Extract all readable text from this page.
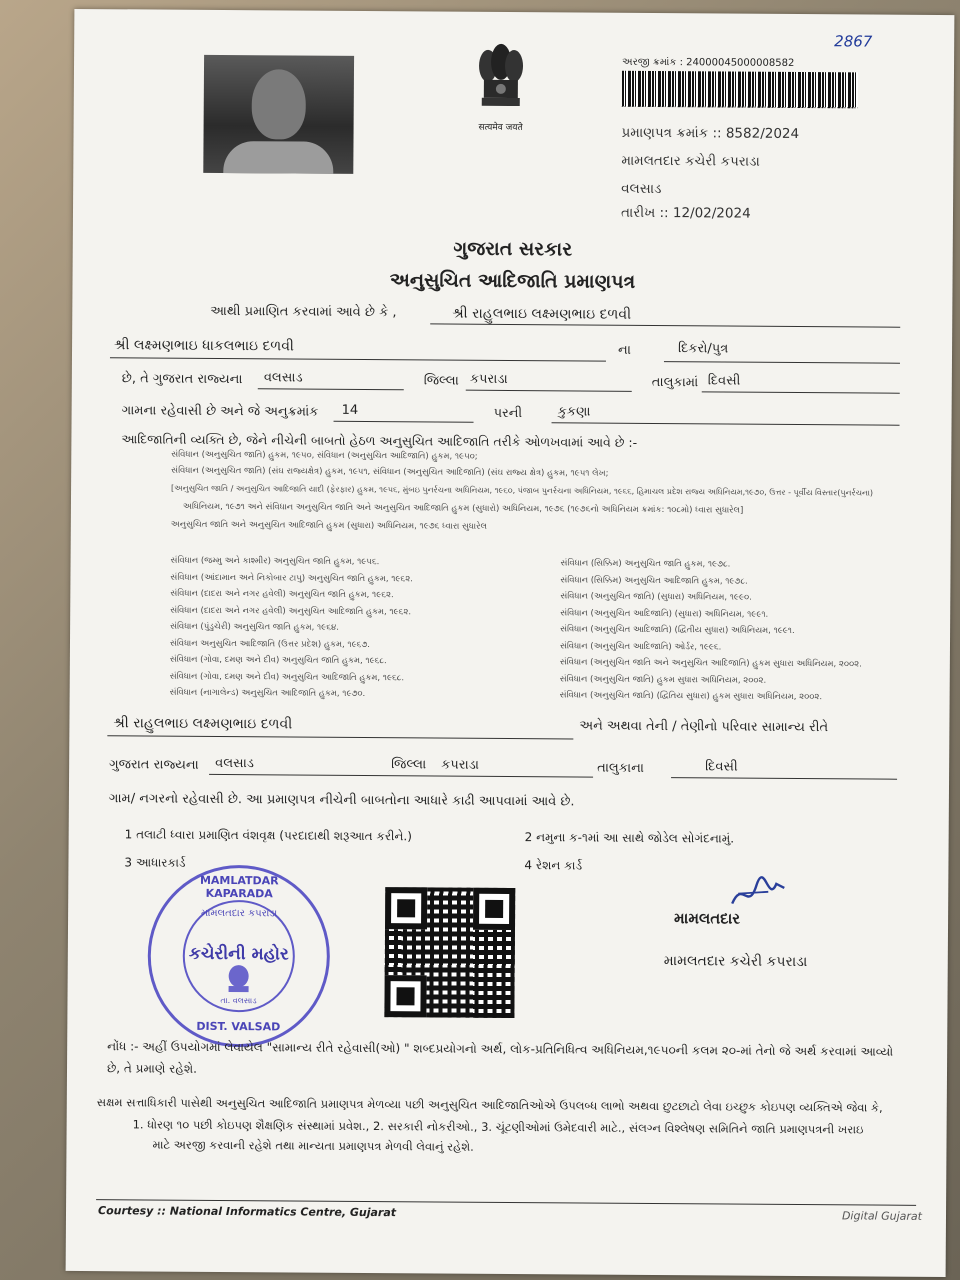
2867
सत्यमेव जयते
અરજી ક્રમાંક : 24000045000008582
પ્રમાણપત્ર ક્રમાંક :: 8582/2024
મામલતદાર કચેરી કપરાડા
વલસાડ
તારીખ :: 12/02/2024
ગુજરાત સરકાર
અનુસુચિત આદિજાતિ પ્રમાણપત્ર
આથી પ્રમાણિત કરવામાં આવે છે કે ,	શ્રી રાહુલભાઇ લક્ષ્મણભાઇ દળવી
શ્રી લક્ષ્મણભાઇ ધાકલભાઇ દળવી	ના	દિકરો/પુત્ર
છે, તે ગુજરાત રાજ્યના વલસાડ	જિલ્લા કપરાડા	તાલુકામાં દિવસી
ગામના રહેવાસી છે અને જે અનુક્રમાંક 14	પરની	કુકણા
આદિજાતિની વ્યક્તિ છે, જેને નીચેની બાબતો હેઠળ અનુસુચિત આદિજાતિ તરીકે ઓળખવામાં આવે છે :-
સંવિધાન (અનુસુચિત જાતિ) હુકમ, ૧૯૫૦, સંવિધાન (અનુસુચિત આદિજાતિ) હુકમ, ૧૯૫૦;
સંવિધાન (અનુસુચિત જાતિ) (સંઘ રાજ્યક્ષેત્ર) હુકમ, ૧૯૫૧, સંવિધાન (અનુસુચિત આદિજાતિ) (સંઘ રાજ્ય ક્ષેત્ર) હુકમ, ૧૯૫૧ લેખ;
[અનુસુચિત જાતિ / અનુસુચિત આદિજાતિ યાદી (ફેરફાર) હુકમ, ૧૯૫૬, મુંબઇ પુનર્રચના અધિનિયમ, ૧૯૬૦, પંજાબ પુનર્રચના અધિનિયમ, ૧૯૬૬, હિમાચલ પ્રદેશ રાજ્ય અધિનિયમ,૧૯૭૦, ઉત્તર - પૂર્વીય વિસ્તાર(પુનર્રચના)
અધિનિયમ, ૧૯૭૧ અને સંવિધાન અનુસુચિત જાતિ અને અનુસુચિત આદિજાતિ હુકમ (સુધારો) અધિનિયમ, ૧૯૭૬ (૧૯૭૬નો અધિનિયમ ક્રમાંક: ૧૦૮મો) ધ્વારા સુધારેલ]
અનુસુચિત જાતિ અને અનુસુચિત આદિજાતિ હુકમ (સુધારા) અધિનિયમ, ૧૯૭૬ ધ્વારા સુધારેલ
સંવિધાન (જમ્મુ અને કાશ્મીર) અનુસુચિત જાતિ હુકમ, ૧૯૫૬.
સંવિધાન (આંદામાન અને નિકોબાર ટાપુ) અનુસુચિત જાતિ હુકમ, ૧૯૬૨.
સંવિધાન (દાદરા અને નગર હવેલી) અનુસુચિત જાતિ હુકમ, ૧૯૬૨.
સંવિધાન (દાદરા અને નગર હવેલી) અનુસુચિત આદિજાતિ હુકમ, ૧૯૬૨.
સંવિધાન (પુંડુચેરી) અનુસુચિત જાતિ હુકમ, ૧૯૬૪.
સંવિધાન અનુસુચિત આદિજાતિ (ઉત્તર પ્રદેશ) હુકમ, ૧૯૬૭.
સંવિધાન (ગોવા, દમણ અને દીવ) અનુસુચિત જાતિ હુકમ, ૧૯૬૮.
સંવિધાન (ગોવા, દમણ અને દીવ) અનુસુચિત આદિજાતિ હુકમ, ૧૯૬૮.
સંવિધાન (નાગાલેન્ડ) અનુસુચિત આદિજાતિ હુકમ, ૧૯૭૦.
સંવિધાન (સિક્કિમ) અનુસુચિત જાતિ હુકમ, ૧૯૭૮.
સંવિધાન (સિક્કિમ) અનુસુચિત આદિજાતિ હુકમ, ૧૯૭૮.
સંવિધાન (અનુસુચિત જાતિ) (સુધારા) અધિનિયમ, ૧૯૯૦.
સંવિધાન (અનુસુચિત આદિજાતિ) (સુધારા) અધિનિયમ, ૧૯૯૧.
સંવિધાન (અનુસુચિત આદિજાતિ) (દ્વિતીય સુધારા) અધિનિયમ, ૧૯૯૧.
સંવિધાન (અનુસુચિત આદિજાતિ) ઓર્ડર, ૧૯૯૬.
સંવિધાન (અનુસુચિત જાતિ અને અનુસુચિત આદિજાતિ) હુકમ સુધારા અધિનિયમ, ૨૦૦૨.
સંવિધાન (અનુસુચિત જાતિ) હુકમ સુધારા અધિનિયમ, ૨૦૦૨.
સંવિધાન (અનુસુચિત જાતિ) (દ્વિતિય સુધારા) હુકમ સુધારા અધિનિયમ, ૨૦૦૨.
શ્રી રાહુલભાઇ લક્ષ્મણભાઇ દળવી	અને અથવા તેની / તેણીનો પરિવાર સામાન્ય રીતે
ગુજરાત રાજ્યના વલસાડ	જિલ્લા કપરાડા	તાલુકાના	દિવસી
ગામ/ નગરનો રહેવાસી છે. આ પ્રમાણપત્ર નીચેની બાબતોના આધારે કાઢી આપવામાં આવે છે.
1 તલાટી ધ્વારા પ્રમાણિત વંશવૃક્ષ (પરદાદાથી શરૂઆત કરીને.)	2 નમુના ક-૧માં આ સાથે જોડેલ સોગંદનામું.
3 આધારકાર્ડ	4 રેશન કાર્ડ
MAMLATDAR KAPARADA
મામલતદાર કપરાડા
કચેરીની મહોર
તા. વલસાડ
DIST. VALSAD
મામલતદાર
મામલતદાર કચેરી કપરાડા
નોંધ :- અહીં ઉપયોગમાં લેવાયેલ "સામાન્ય રીતે રહેવાસી(ઓ) " શબ્દપ્રયોગનો અર્થ, લોક-પ્રતિનિધિત્વ અધિનિયમ,૧૯૫૦ની કલમ ૨૦-માં તેનો જે અર્થ કરવામાં આવ્યો છે, તે પ્રમાણે રહેશે.
સક્ષમ સત્તાધિકારી પાસેથી અનુસુચિત આદિજાતિ પ્રમાણપત્ર મેળવ્યા પછી અનુસુચિત આદિજાતિઓએ ઉપલબ્ધ લાભો અથવા છુટછાટો લેવા ઇચ્છુક કોઇપણ વ્યક્તિએ જેવા કે,
1. ધોરણ ૧૦ પછી કોઇપણ શૈક્ષણિક સંસ્થામાં પ્રવેશ., 2. સરકારી નોકરીઓ., 3. ચૂંટણીઓમાં ઉમેદવારી માટે., સંલગ્ન વિશ્લેષણ સમિતિને જાતિ પ્રમાણપત્રની ખરાઇ
માટે અરજી કરવાની રહેશે તથા માન્યતા પ્રમાણપત્ર મેળવી લેવાનું રહેશે.
Courtesy :: National Informatics Centre, Gujarat	Digital Gujarat
